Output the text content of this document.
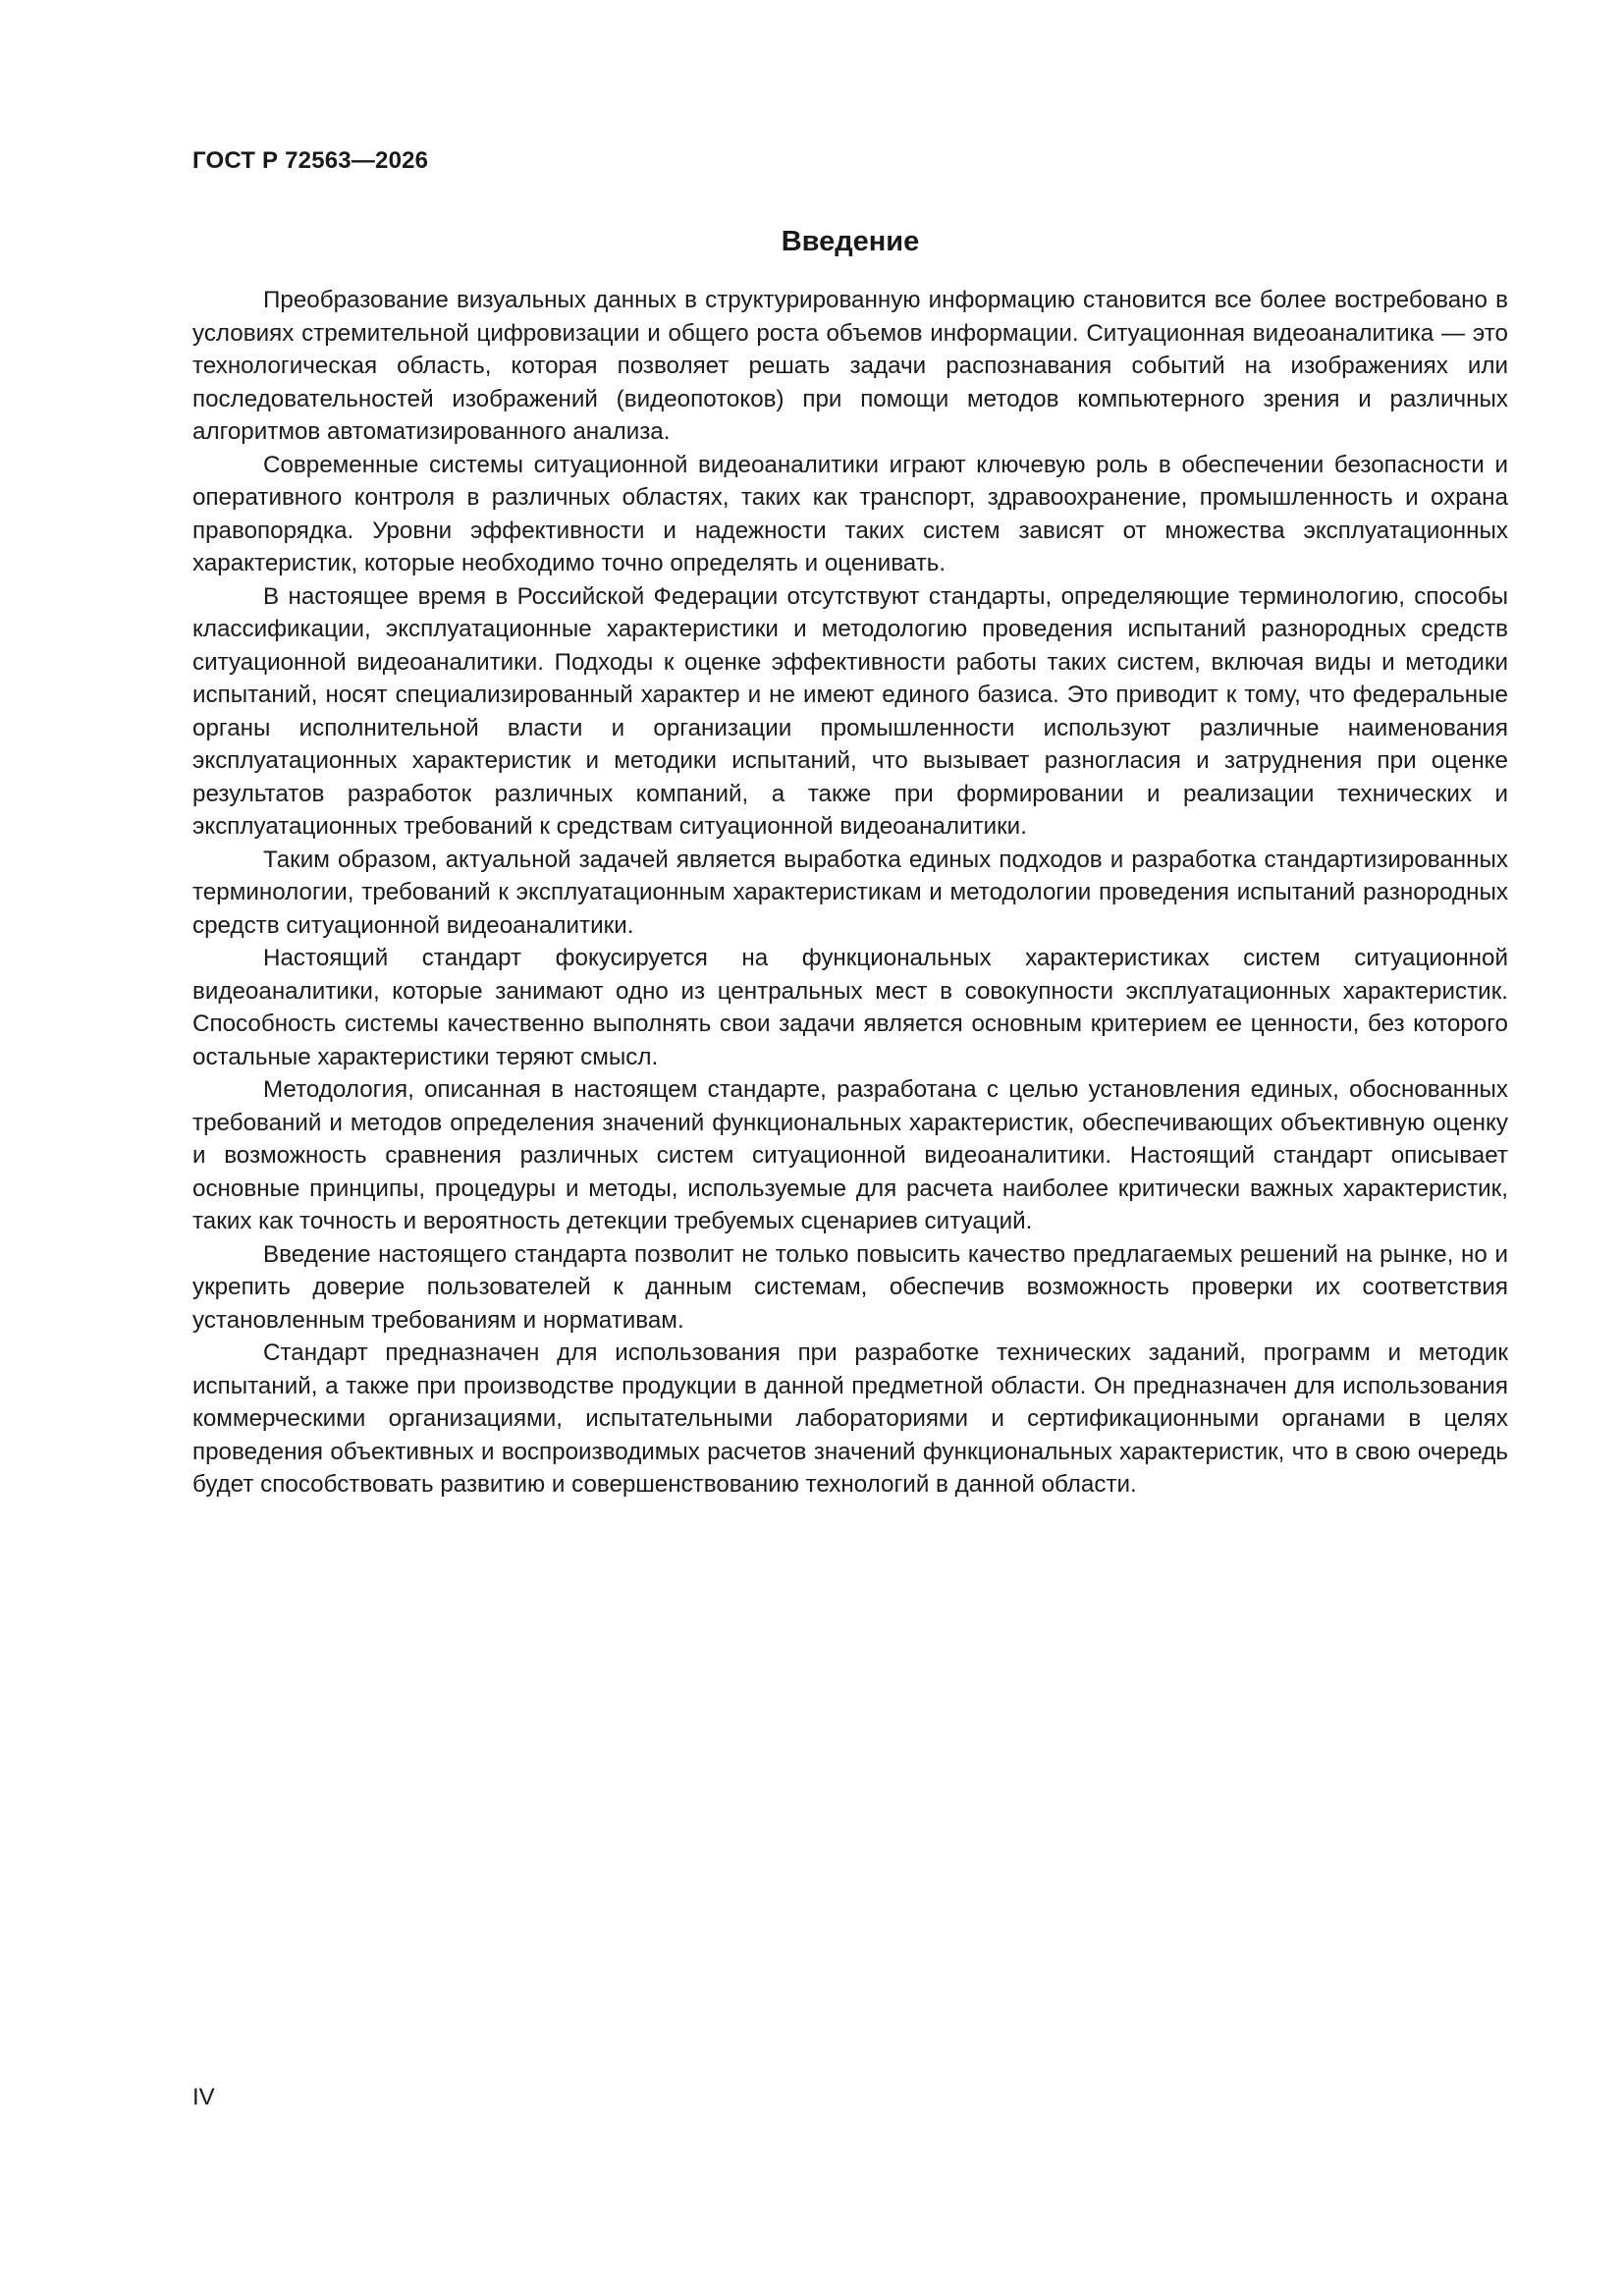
ГОСТ Р 72563—2026

Введение

Преобразование визуальных данных в структурированную информацию становится все более востребовано в условиях стремительной цифровизации и общего роста объемов информации. Ситуационная видеоаналитика — это технологическая область, которая позволяет решать задачи распознавания событий на изображениях или последовательностей изображений (видеопотоков) при помощи методов компьютерного зрения и различных алгоритмов автоматизированного анализа.

Современные системы ситуационной видеоаналитики играют ключевую роль в обеспечении безопасности и оперативного контроля в различных областях, таких как транспорт, здравоохранение, промышленность и охрана правопорядка. Уровни эффективности и надежности таких систем зависят от множества эксплуатационных характеристик, которые необходимо точно определять и оценивать.

В настоящее время в Российской Федерации отсутствуют стандарты, определяющие терминологию, способы классификации, эксплуатационные характеристики и методологию проведения испытаний разнородных средств ситуационной видеоаналитики. Подходы к оценке эффективности работы таких систем, включая виды и методики испытаний, носят специализированный характер и не имеют единого базиса. Это приводит к тому, что федеральные органы исполнительной власти и организации промышленности используют различные наименования эксплуатационных характеристик и методики испытаний, что вызывает разногласия и затруднения при оценке результатов разработок различных компаний, а также при формировании и реализации технических и эксплуатационных требований к средствам ситуационной видеоаналитики.

Таким образом, актуальной задачей является выработка единых подходов и разработка стандартизированных терминологии, требований к эксплуатационным характеристикам и методологии проведения испытаний разнородных средств ситуационной видеоаналитики.

Настоящий стандарт фокусируется на функциональных характеристиках систем ситуационной видеоаналитики, которые занимают одно из центральных мест в совокупности эксплуатационных характеристик. Способность системы качественно выполнять свои задачи является основным критерием ее ценности, без которого остальные характеристики теряют смысл.

Методология, описанная в настоящем стандарте, разработана с целью установления единых, обоснованных требований и методов определения значений функциональных характеристик, обеспечивающих объективную оценку и возможность сравнения различных систем ситуационной видеоаналитики. Настоящий стандарт описывает основные принципы, процедуры и методы, используемые для расчета наиболее критически важных характеристик, таких как точность и вероятность детекции требуемых сценариев ситуаций.

Введение настоящего стандарта позволит не только повысить качество предлагаемых решений на рынке, но и укрепить доверие пользователей к данным системам, обеспечив возможность проверки их соответствия установленным требованиям и нормативам.

Стандарт предназначен для использования при разработке технических заданий, программ и методик испытаний, а также при производстве продукции в данной предметной области. Он предназначен для использования коммерческими организациями, испытательными лабораториями и сертификационными органами в целях проведения объективных и воспроизводимых расчетов значений функциональных характеристик, что в свою очередь будет способствовать развитию и совершенствованию технологий в данной области.

IV
